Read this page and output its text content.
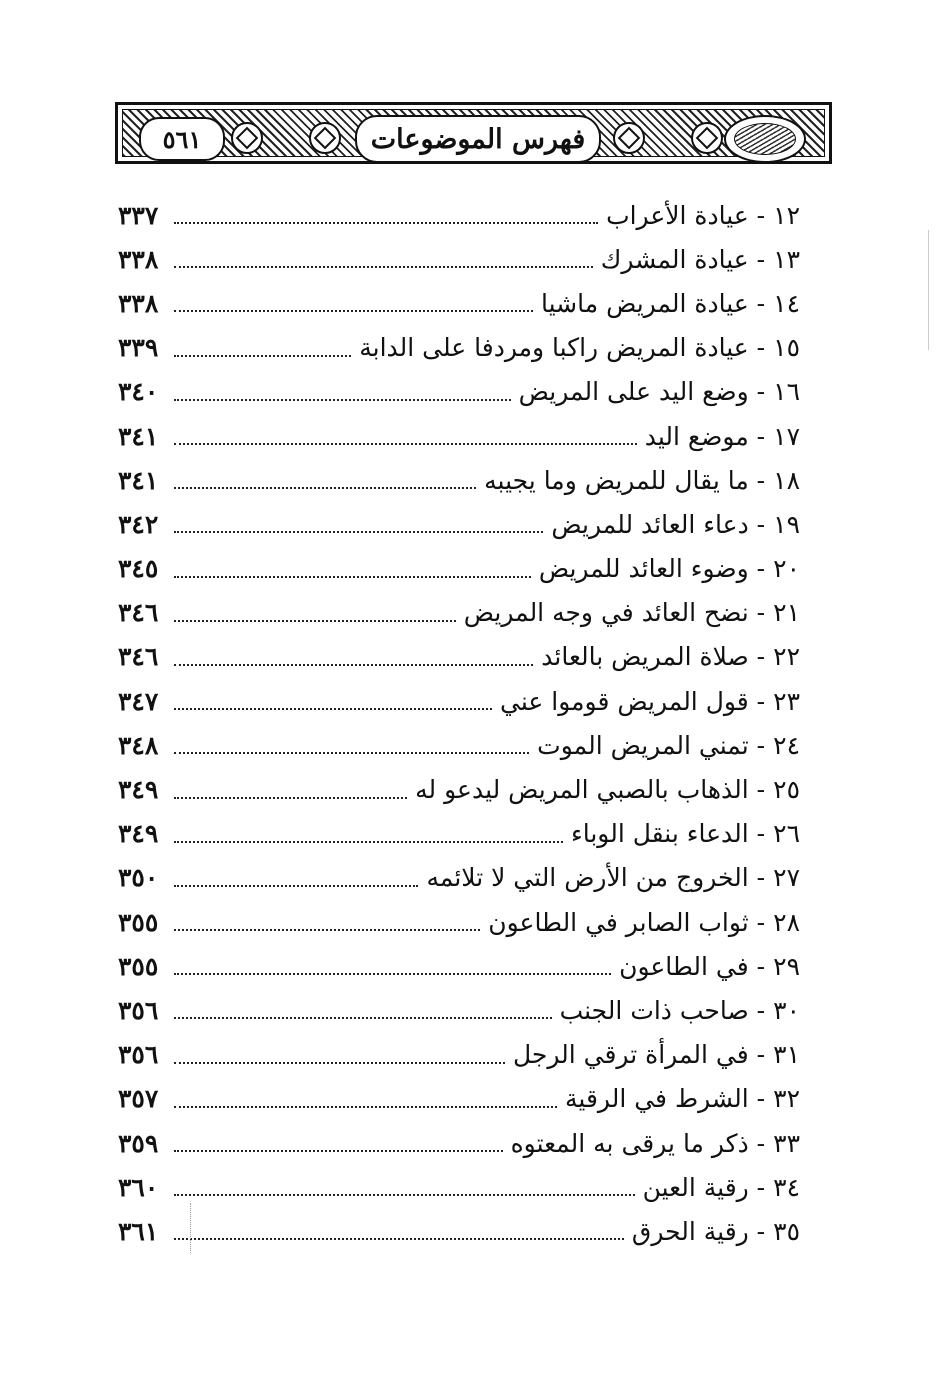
٥٦١	فهرس الموضوعات
٣٣٧	١٢- عيادة الأعراب
٣٣٨	١٣- عيادة المشرك
٣٣٨	١٤- عيادة المريض ماشيا
٣٣٩	١٥- عيادة المريض راكبا ومردفا على الدابة
٣٤٠	١٦- وضع اليد على المريض
٣٤١	١٧- موضع اليد
٣٤١	١٨- ما يقال للمريض وما يجيبه
٣٤٢	١٩- دعاء العائد للمريض
٣٤٥	٢٠- وضوء العائد للمريض
٣٤٦	٢١- نضح العائد في وجه المريض
٣٤٦	٢٢- صلاة المريض بالعائد
٣٤٧	٢٣- قول المريض قوموا عني
٣٤٨	٢٤- تمني المريض الموت
٣٤٩	٢٥- الذهاب بالصبي المريض ليدعو له
٣٤٩	٢٦- الدعاء بنقل الوباء
٣٥٠	٢٧- الخروج من الأرض التي لا تلائمه
٣٥٥	٢٨- ثواب الصابر في الطاعون
٣٥٥	٢٩- في الطاعون
٣٥٦	٣٠- صاحب ذات الجنب
٣٥٦	٣١- في المرأة ترقي الرجل
٣٥٧	٣٢- الشرط في الرقية
٣٥٩	٣٣- ذكر ما يرقى به المعتوه
٣٦٠	٣٤- رقية العين
٣٦١	٣٥- رقية الحرق
